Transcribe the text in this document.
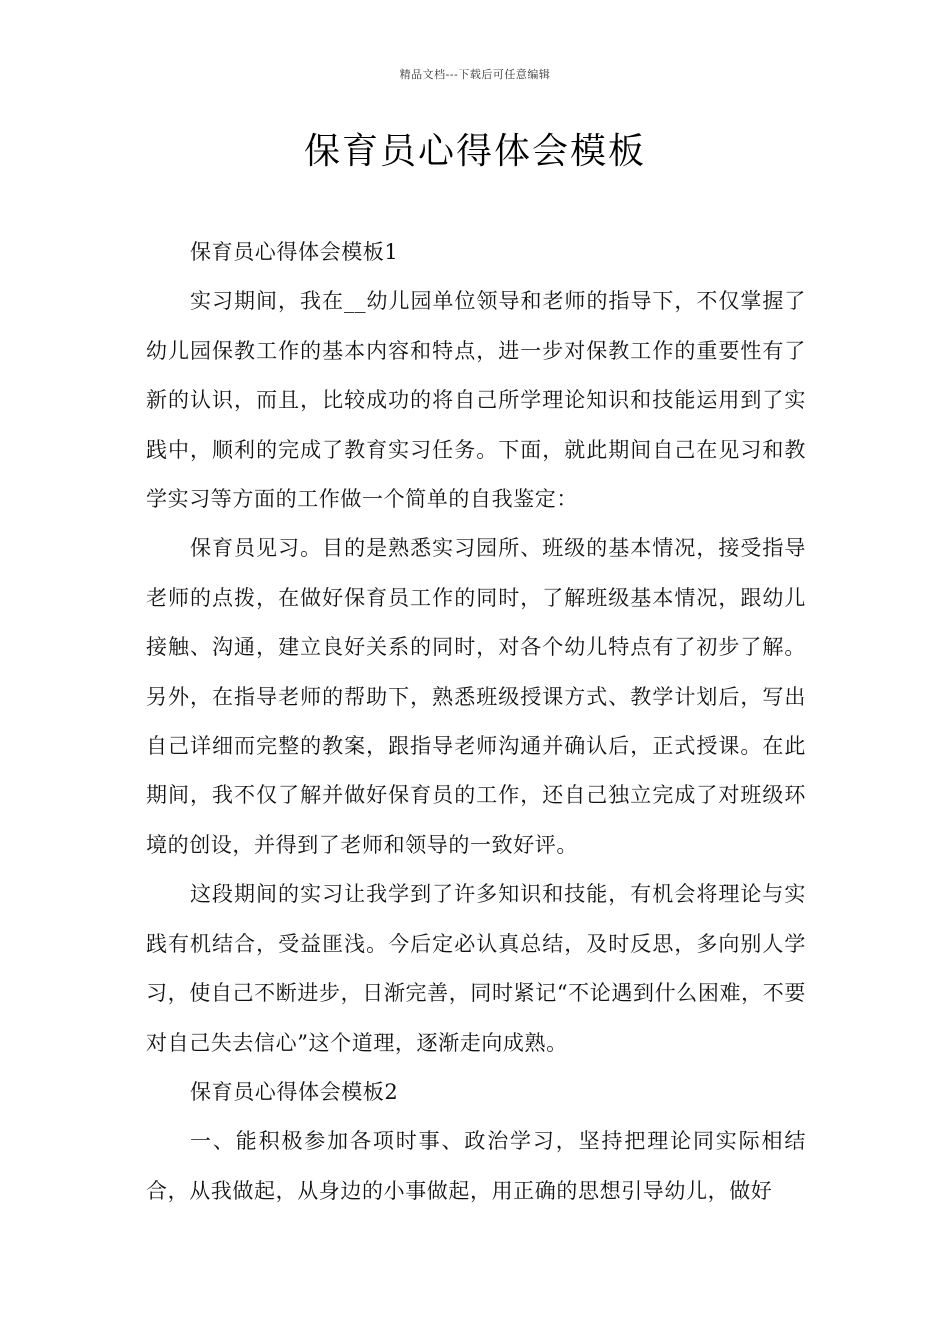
精品文档---下载后可任意编辑
保育员心得体会模板

保育员心得体会模板1

实习期间，我在__幼儿园单位领导和老师的指导下，不仅掌握了幼儿园保教工作的基本内容和特点，进一步对保教工作的重要性有了新的认识，而且，比较成功的将自己所学理论知识和技能运用到了实践中，顺利的完成了教育实习任务。下面，就此期间自己在见习和教学实习等方面的工作做一个简单的自我鉴定：

保育员见习。目的是熟悉实习园所、班级的基本情况，接受指导老师的点拨，在做好保育员工作的同时，了解班级基本情况，跟幼儿接触、沟通，建立良好关系的同时，对各个幼儿特点有了初步了解。另外，在指导老师的帮助下，熟悉班级授课方式、教学计划后，写出自己详细而完整的教案，跟指导老师沟通并确认后，正式授课。在此期间，我不仅了解并做好保育员的工作，还自己独立完成了对班级环境的创设，并得到了老师和领导的一致好评。

这段期间的实习让我学到了许多知识和技能，有机会将理论与实践有机结合，受益匪浅。今后定必认真总结，及时反思，多向别人学习，使自己不断进步，日渐完善，同时紧记“不论遇到什么困难，不要对自己失去信心”这个道理，逐渐走向成熟。

保育员心得体会模板2

一、能积极参加各项时事、政治学习，坚持把理论同实际相结合，从我做起，从身边的小事做起，用正确的思想引导幼儿，做好
